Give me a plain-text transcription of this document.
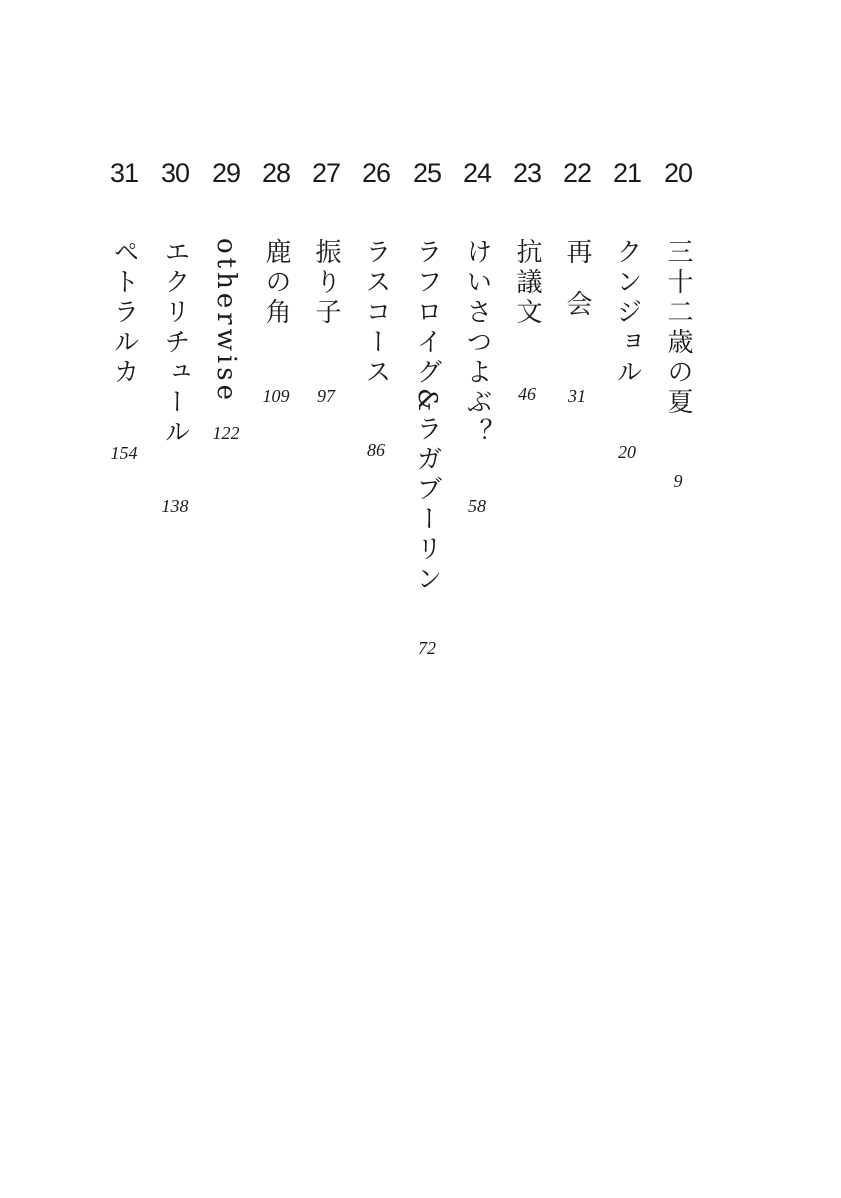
20
三十二歳の夏
9
21
クンジョル
20
22
再会
31
23
抗議文
46
24
けいさつよぶ？
58
25
ラフロイグ&ラガブーリン
72
26
ラスコース
86
27
振り子
97
28
鹿の角
109
29
otherwise
122
30
エクリチュール
138
31
ペトラルカ
154
